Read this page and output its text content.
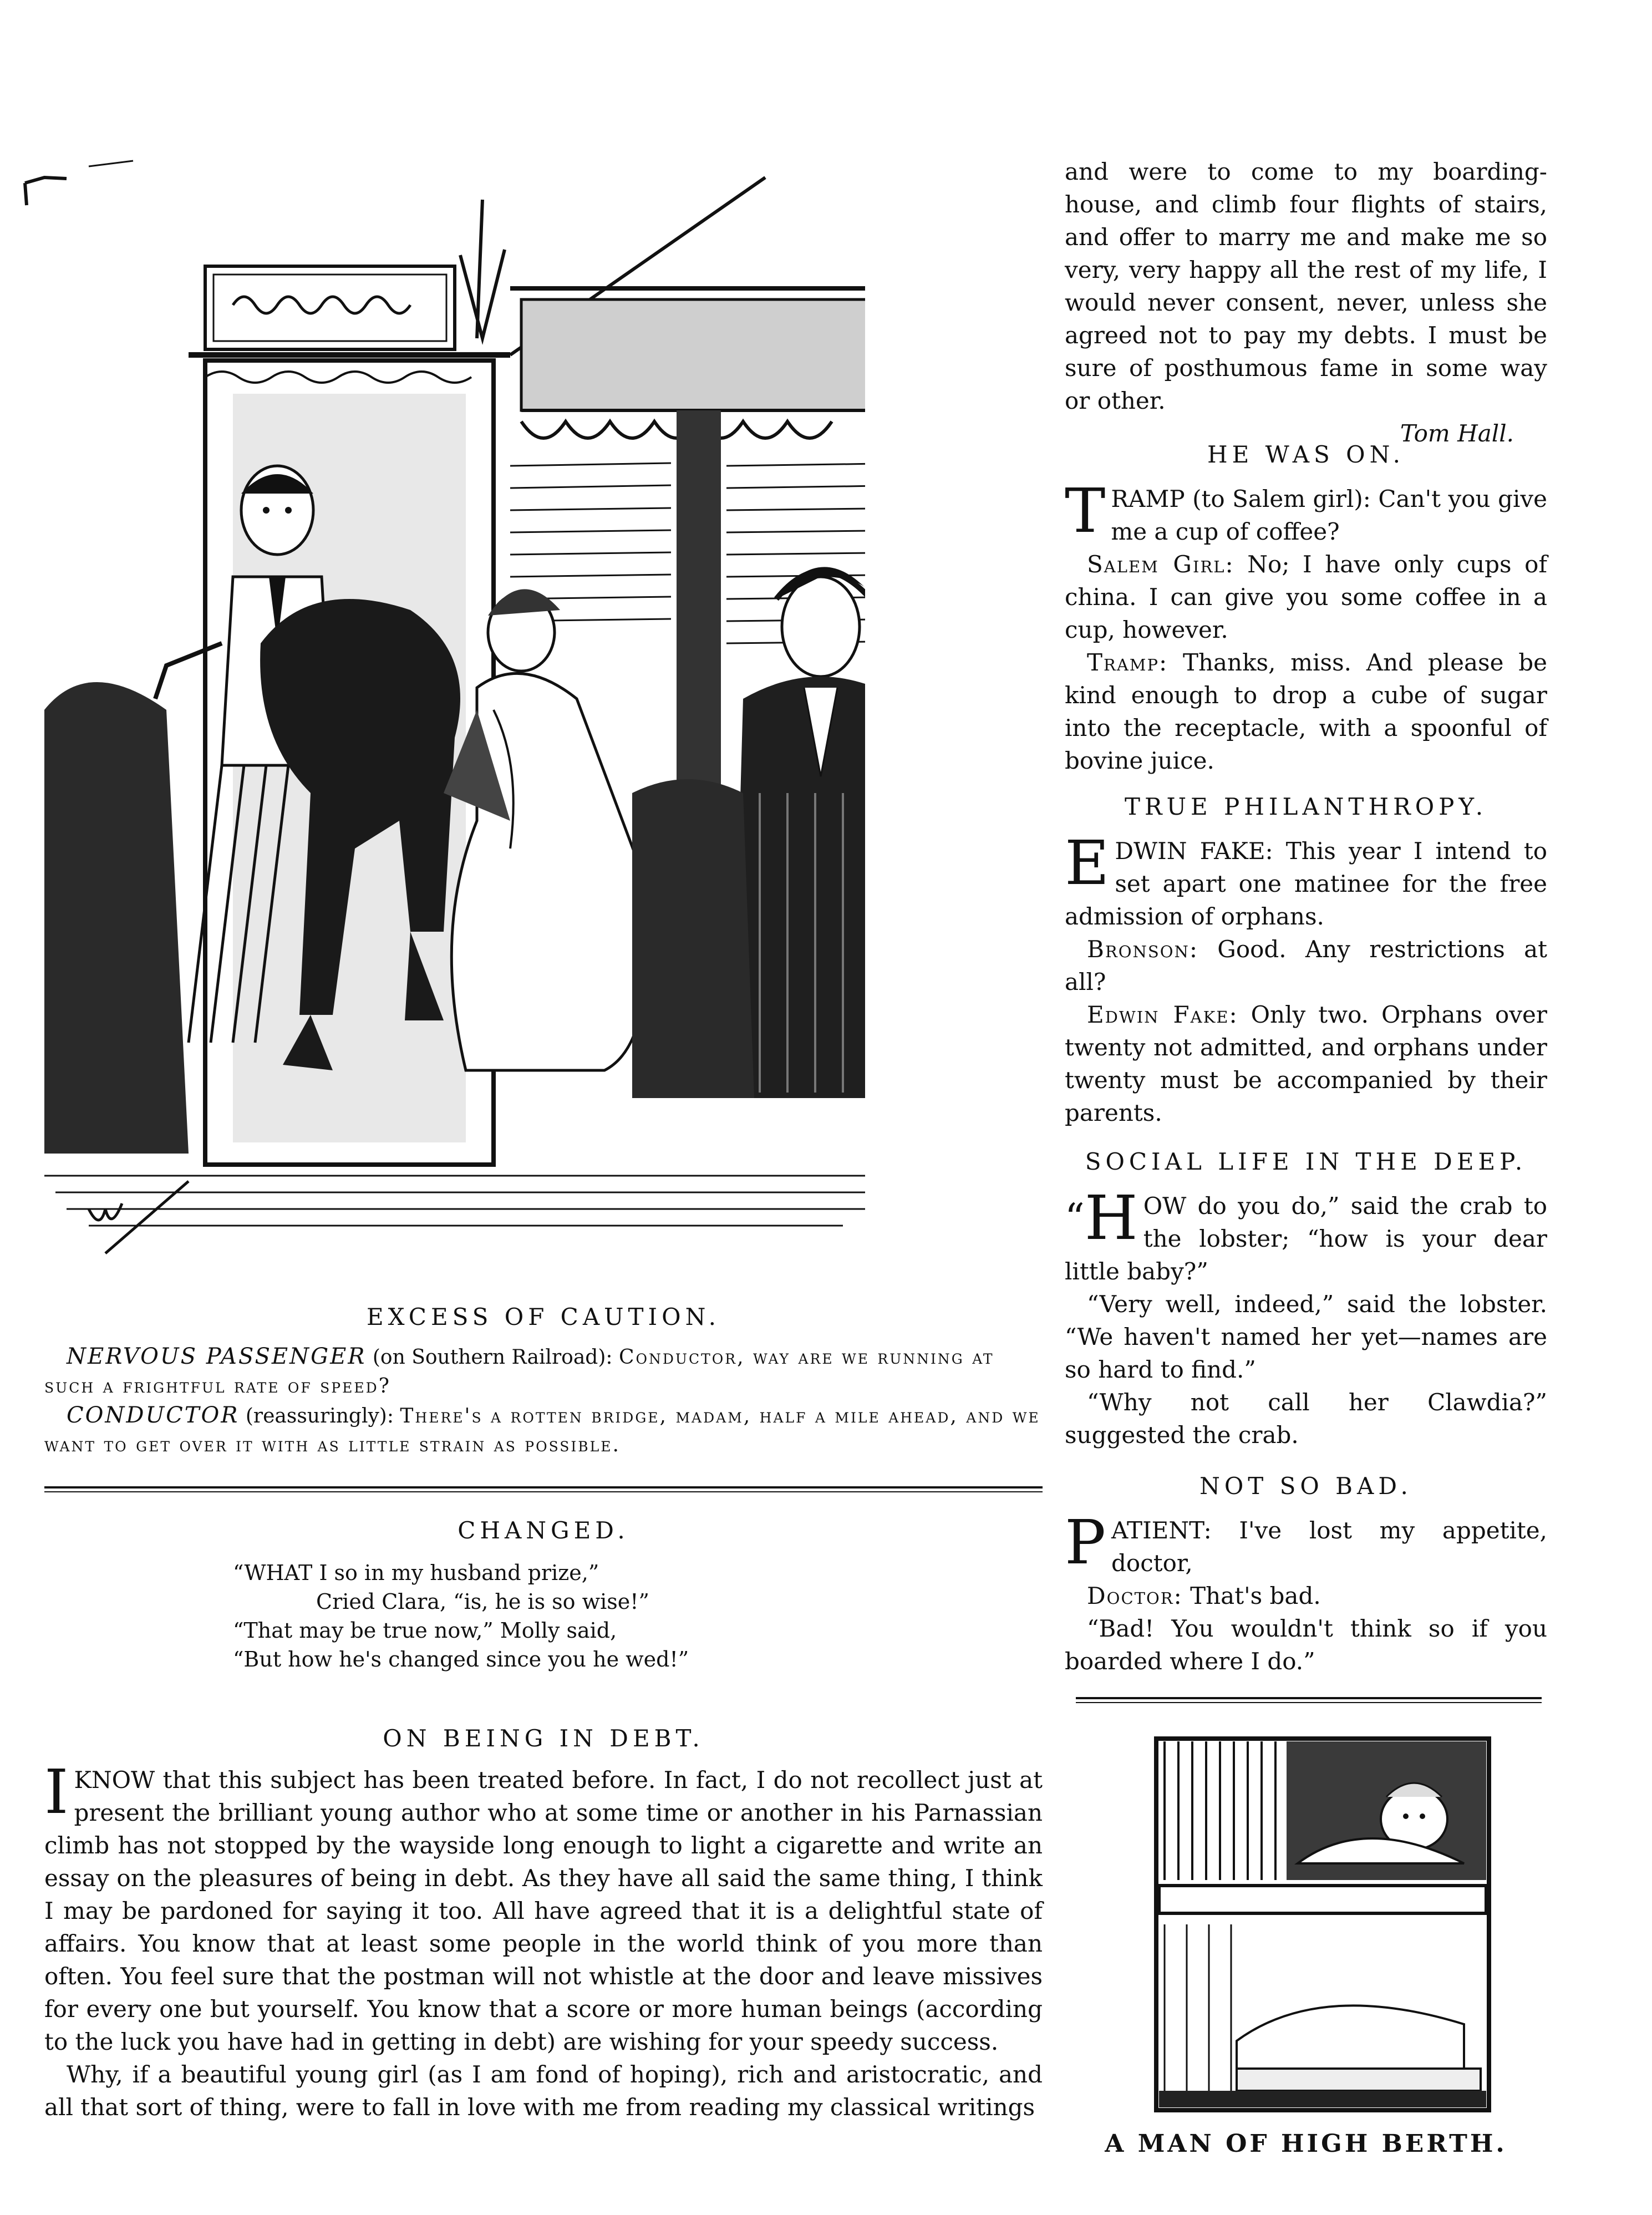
EXCESS OF CAUTION.

NERVOUS PASSENGER (on Southern Railroad): Conductor, way are we running at such a frightful rate of speed?

CONDUCTOR (reassuringly): There's a rotten bridge, madam, half a mile ahead, and we want to get over it with as little strain as possible.

CHANGED.
“WHAT I so in my husband prize,”
Cried Clara, “is, he is so wise!”
“That may be true now,” Molly said,
“But how he's changed since you he wed!”
ON BEING IN DEBT.

I KNOW that this subject has been treated before. In fact, I do not recollect just at present the brilliant young author who at some time or another in his Parnassian climb has not stopped by the wayside long enough to light a cigarette and write an essay on the pleasures of being in debt. As they have all said the same thing, I think I may be pardoned for saying it too. All have agreed that it is a delightful state of affairs. You know that at least some people in the world think of you more than often. You feel sure that the postman will not whistle at the door and leave missives for every one but yourself. You know that a score or more human beings (according to the luck you have had in getting in debt) are wishing for your speedy success.

Why, if a beautiful young girl (as I am fond of hoping), rich and aristocratic, and all that sort of thing, were to fall in love with me from reading my classical writings

and were to come to my boarding-house, and climb four flights of stairs, and offer to marry me and make me so very, very happy all the rest of my life, I would never consent, never, unless she agreed not to pay my debts. I must be sure of posthumous fame in some way or other.

Tom Hall.

HE WAS ON.

T RAMP (to Salem girl): Can't you give me a cup of coffee?

Salem Girl: No; I have only cups of china. I can give you some coffee in a cup, however.

Tramp: Thanks, miss. And please be kind enough to drop a cube of sugar into the receptacle, with a spoonful of bovine juice.

TRUE PHILANTHROPY.

E DWIN FAKE: This year I intend to set apart one matinee for the free admission of orphans.

Bronson: Good. Any restrictions at all?

Edwin Fake: Only two. Orphans over twenty not admitted, and orphans under twenty must be accompanied by their parents.

SOCIAL LIFE IN THE DEEP.

“H OW do you do,” said the crab to the lobster; “how is your dear little baby?”

“Very well, indeed,” said the lobster. “We haven't named her yet—names are so hard to find.”

“Why not call her Clawdia?” suggested the crab.

NOT SO BAD.

P ATIENT: I've lost my appetite, doctor,

Doctor: That's bad.

“Bad! You wouldn't think so if you boarded where I do.”

A MAN OF HIGH BERTH.
